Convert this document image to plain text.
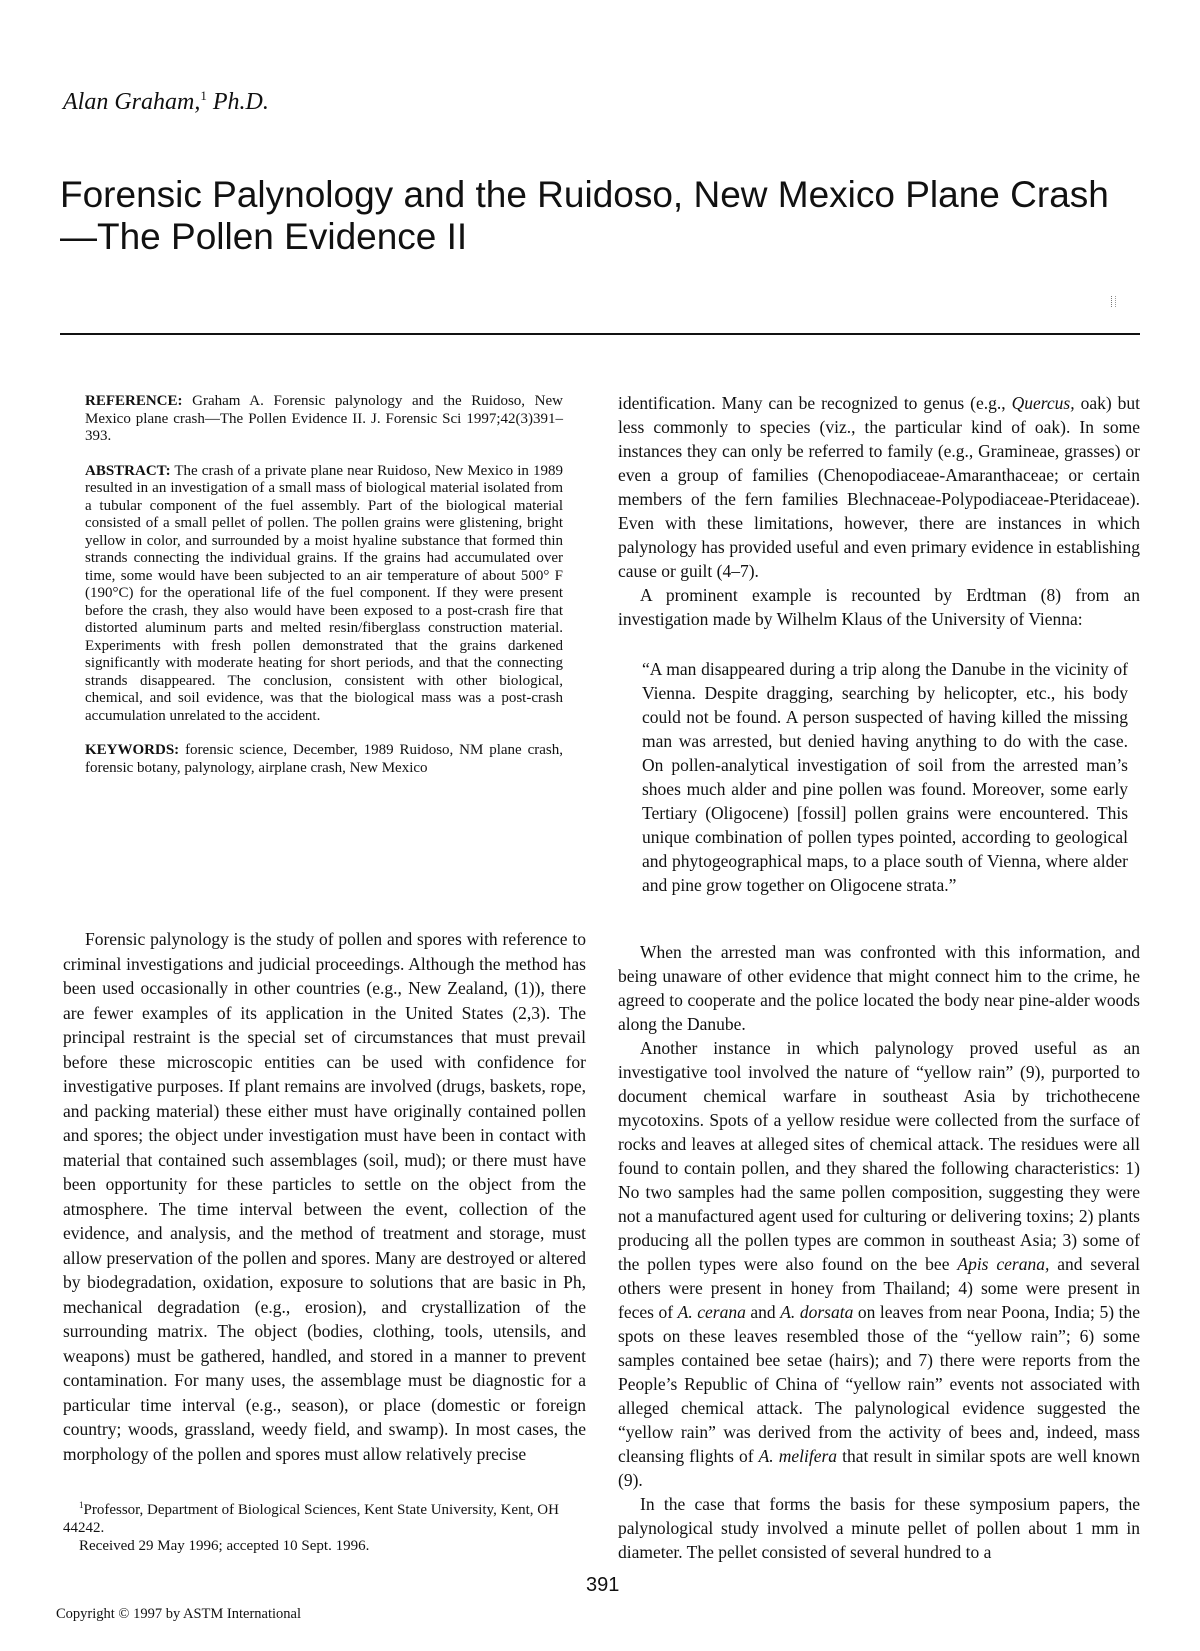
Alan Graham,$^1$ Ph.D.
Forensic Palynology and the Ruidoso, New Mexico Plane Crash—The Pollen Evidence II

REFERENCE: Graham A. Forensic palynology and the Ruidoso, New Mexico plane crash—The Pollen Evidence II. J. Forensic Sci 1997;42(3)391–393.

ABSTRACT: The crash of a private plane near Ruidoso, New Mexico in 1989 resulted in an investigation of a small mass of biological material isolated from a tubular component of the fuel assembly. Part of the biological material consisted of a small pellet of pollen. The pollen grains were glistening, bright yellow in color, and surrounded by a moist hyaline substance that formed thin strands connecting the individual grains. If the grains had accumulated over time, some would have been subjected to an air temperature of about 500° F (190°C) for the operational life of the fuel component. If they were present before the crash, they also would have been exposed to a post-crash fire that distorted aluminum parts and melted resin/fiberglass construction material. Experiments with fresh pollen demonstrated that the grains darkened significantly with moderate heating for short periods, and that the connecting strands disappeared. The conclusion, consistent with other biological, chemical, and soil evidence, was that the biological mass was a post-crash accumulation unrelated to the accident.

KEYWORDS: forensic science, December, 1989 Ruidoso, NM plane crash, forensic botany, palynology, airplane crash, New Mexico

Forensic palynology is the study of pollen and spores with reference to criminal investigations and judicial proceedings. Although the method has been used occasionally in other countries (e.g., New Zealand, (1)), there are fewer examples of its application in the United States (2,3). The principal restraint is the special set of circumstances that must prevail before these microscopic entities can be used with confidence for investigative purposes. If plant remains are involved (drugs, baskets, rope, and packing material) these either must have originally contained pollen and spores; the object under investigation must have been in contact with material that contained such assemblages (soil, mud); or there must have been opportunity for these particles to settle on the object from the atmosphere. The time interval between the event, collection of the evidence, and analysis, and the method of treatment and storage, must allow preservation of the pollen and spores. Many are destroyed or altered by biodegradation, oxidation, exposure to solutions that are basic in Ph, mechanical degradation (e.g., erosion), and crystallization of the surrounding matrix. The object (bodies, clothing, tools, utensils, and weapons) must be gathered, handled, and stored in a manner to prevent contamination. For many uses, the assemblage must be diagnostic for a particular time interval (e.g., season), or place (domestic or foreign country; woods, grassland, weedy field, and swamp). In most cases, the morphology of the pollen and spores must allow relatively precise

$^1$Professor, Department of Biological Sciences, Kent State University, Kent, OH 44242.

Received 29 May 1996; accepted 10 Sept. 1996.

identification. Many can be recognized to genus (e.g., Quercus, oak) but less commonly to species (viz., the particular kind of oak). In some instances they can only be referred to family (e.g., Gramineae, grasses) or even a group of families (Chenopodiaceae-Amaranthaceae; or certain members of the fern families Blechnaceae-Polypodiaceae-Pteridaceae). Even with these limitations, however, there are instances in which palynology has provided useful and even primary evidence in establishing cause or guilt (4–7).

A prominent example is recounted by Erdtman (8) from an investigation made by Wilhelm Klaus of the University of Vienna:

“A man disappeared during a trip along the Danube in the vicinity of Vienna. Despite dragging, searching by helicopter, etc., his body could not be found. A person suspected of having killed the missing man was arrested, but denied having anything to do with the case. On pollen-analytical investigation of soil from the arrested man’s shoes much alder and pine pollen was found. Moreover, some early Tertiary (Oligocene) [fossil] pollen grains were encountered. This unique combination of pollen types pointed, according to geological and phytogeographical maps, to a place south of Vienna, where alder and pine grow together on Oligocene strata.”

When the arrested man was confronted with this information, and being unaware of other evidence that might connect him to the crime, he agreed to cooperate and the police located the body near pine-alder woods along the Danube.

Another instance in which palynology proved useful as an investigative tool involved the nature of “yellow rain” (9), purported to document chemical warfare in southeast Asia by trichothecene mycotoxins. Spots of a yellow residue were collected from the surface of rocks and leaves at alleged sites of chemical attack. The residues were all found to contain pollen, and they shared the following characteristics: 1) No two samples had the same pollen composition, suggesting they were not a manufactured agent used for culturing or delivering toxins; 2) plants producing all the pollen types are common in southeast Asia; 3) some of the pollen types were also found on the bee Apis cerana, and several others were present in honey from Thailand; 4) some were present in feces of A. cerana and A. dorsata on leaves from near Poona, India; 5) the spots on these leaves resembled those of the “yellow rain”; 6) some samples contained bee setae (hairs); and 7) there were reports from the People’s Republic of China of “yellow rain” events not associated with alleged chemical attack. The palynological evidence suggested the “yellow rain” was derived from the activity of bees and, indeed, mass cleansing flights of A. melifera that result in similar spots are well known (9).

In the case that forms the basis for these symposium papers, the palynological study involved a minute pellet of pollen about 1 mm in diameter. The pellet consisted of several hundred to a

391
Copyright © 1997 by ASTM International
